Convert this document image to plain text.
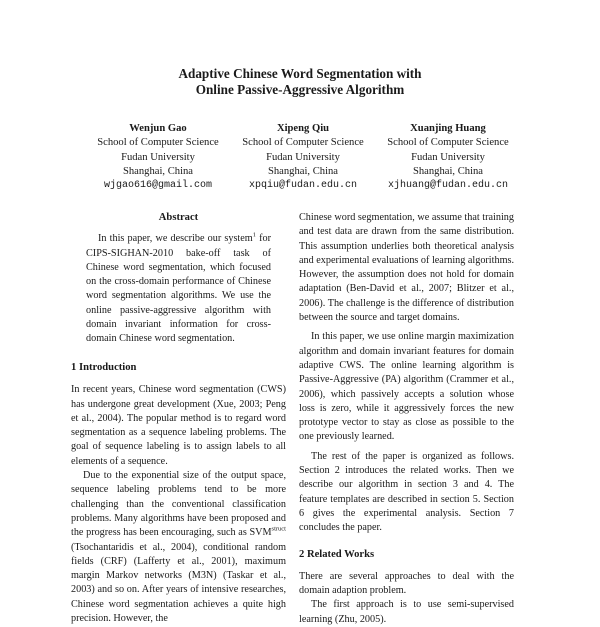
Adaptive Chinese Word Segmentation with
Online Passive-Aggressive Algorithm
Wenjun Gao
School of Computer Science
Fudan University
Shanghai, China
wjgao616@gmail.com
Xipeng Qiu
School of Computer Science
Fudan University
Shanghai, China
xpqiu@fudan.edu.cn
Xuanjing Huang
School of Computer Science
Fudan University
Shanghai, China
xjhuang@fudan.edu.cn
Abstract

In this paper, we describe our system$^1$ for CIPS-SIGHAN-2010 bake-off task of Chinese word segmentation, which focused on the cross-domain performance of Chinese word segmentation algorithms. We use the online passive-aggressive algorithm with domain invariant information for cross-domain Chinese word segmentation.

1 Introduction

In recent years, Chinese word segmentation (CWS) has undergone great development (Xue, 2003; Peng et al., 2004). The popular method is to regard word segmentation as a sequence labeling problems. The goal of sequence labeling is to assign labels to all elements of a sequence.

Due to the exponential size of the output space, sequence labeling problems tend to be more challenging than the conventional classification problems. Many algorithms have been proposed and the progress has been encouraging, such as $SVM^{struct}$ (Tsochantaridis et al., 2004), conditional random fields (CRF) (Lafferty et al., 2001), maximum margin Markov networks (M3N) (Taskar et al., 2003) and so on. After years of intensive researches, Chinese word segmentation achieves a quite high precision. However, the

Chinese word segmentation, we assume that training and test data are drawn from the same distribution. This assumption underlies both theoretical analysis and experimental evaluations of learning algorithms. However, the assumption does not hold for domain adaptation (Ben-David et al., 2007; Blitzer et al., 2006). The challenge is the difference of distribution between the source and target domains.

In this paper, we use online margin maximization algorithm and domain invariant features for domain adaptive CWS. The online learning algorithm is Passive-Aggressive (PA) algorithm (Crammer et al., 2006), which passively accepts a solution whose loss is zero, while it aggressively forces the new prototype vector to stay as close as possible to the one previously learned.

The rest of the paper is organized as follows. Section 2 introduces the related works. Then we describe our algorithm in section 3 and 4. The feature templates are described in section 5. Section 6 gives the experimental analysis. Section 7 concludes the paper.

2 Related Works

There are several approaches to deal with the domain adaption problem.

The first approach is to use semi-supervised learning (Zhu, 2005).
